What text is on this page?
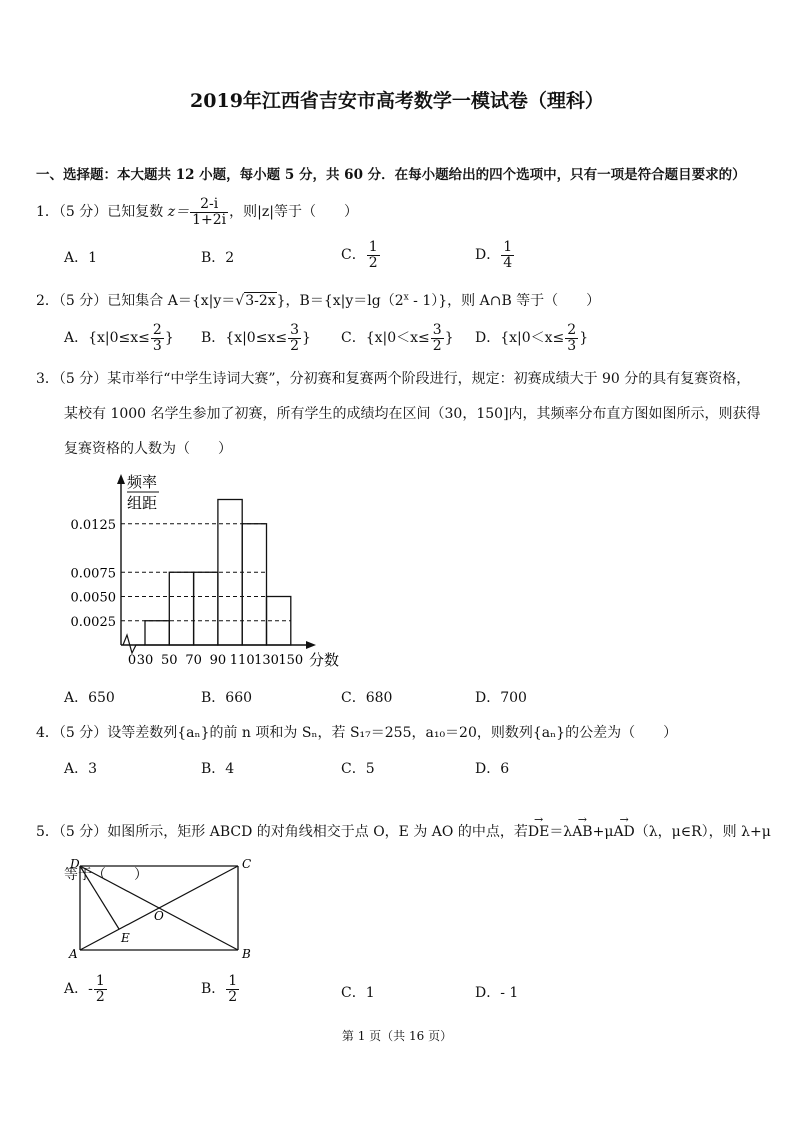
2019年江西省吉安市高考数学一模试卷（理科）
一、选择题：本大题共 12 小题，每小题 5 分，共 60 分．在每小题给出的四个选项中，只有一项是符合题目要求的）
1．（5 分）已知复数 $z= \frac{2-i}{1+2i}$ ，则|z|等于（　　）
A．1	B．2	C． $\frac{1}{2}$	D． $\frac{1}{4}$
2．（5 分）已知集合 A＝{x|y＝√3-2x}，$B=\{x|y=\lg(2^x - 1)\}$，则 A∩B 等于（　　）
A．{$x|0\le x\le \frac{2}{3}$ } B．{$x|0\le x\le \frac{3}{2}$ } C．{$x|0<x\le \frac{3}{2}$ } D．{$x|0<x\le \frac{2}{3}$ }
3．（5 分）某市举行“中学生诗词大赛”，分初赛和复赛两个阶段进行，规定：初赛成绩大于 90 分的具有复赛资格，
某校有 1000 名学生参加了初赛，所有学生的成绩均在区间（30，150]内，其频率分布直方图如图所示，则获得
复赛资格的人数为（　　）
0.0025
0.0050
0.0075
0.0125
0 30 50 70 90 110 130 150 分数
频率
组距
A．650	B．660	C．680	D．700
4．（5 分）设等差数列{aₙ}的前 n 项和为 Sₙ，若 S₁₇＝255，a₁₀＝20，则数列{aₙ}的公差为（　　）
A．3	B．4	C．5	D．6
5．（5 分）如图所示，矩形 ABCD 的对角线相交于点 O，E 为 AO 的中点，若→ DE＝λ→ AB+μ→ AD（λ，μ∈R），则 λ+μ
等于（　　）
D	C
A	B
O
E
A．- $\frac{1}{2}$	B． $\frac{1}{2}$	C．1	D．- 1
第 1 页（共 16 页）
